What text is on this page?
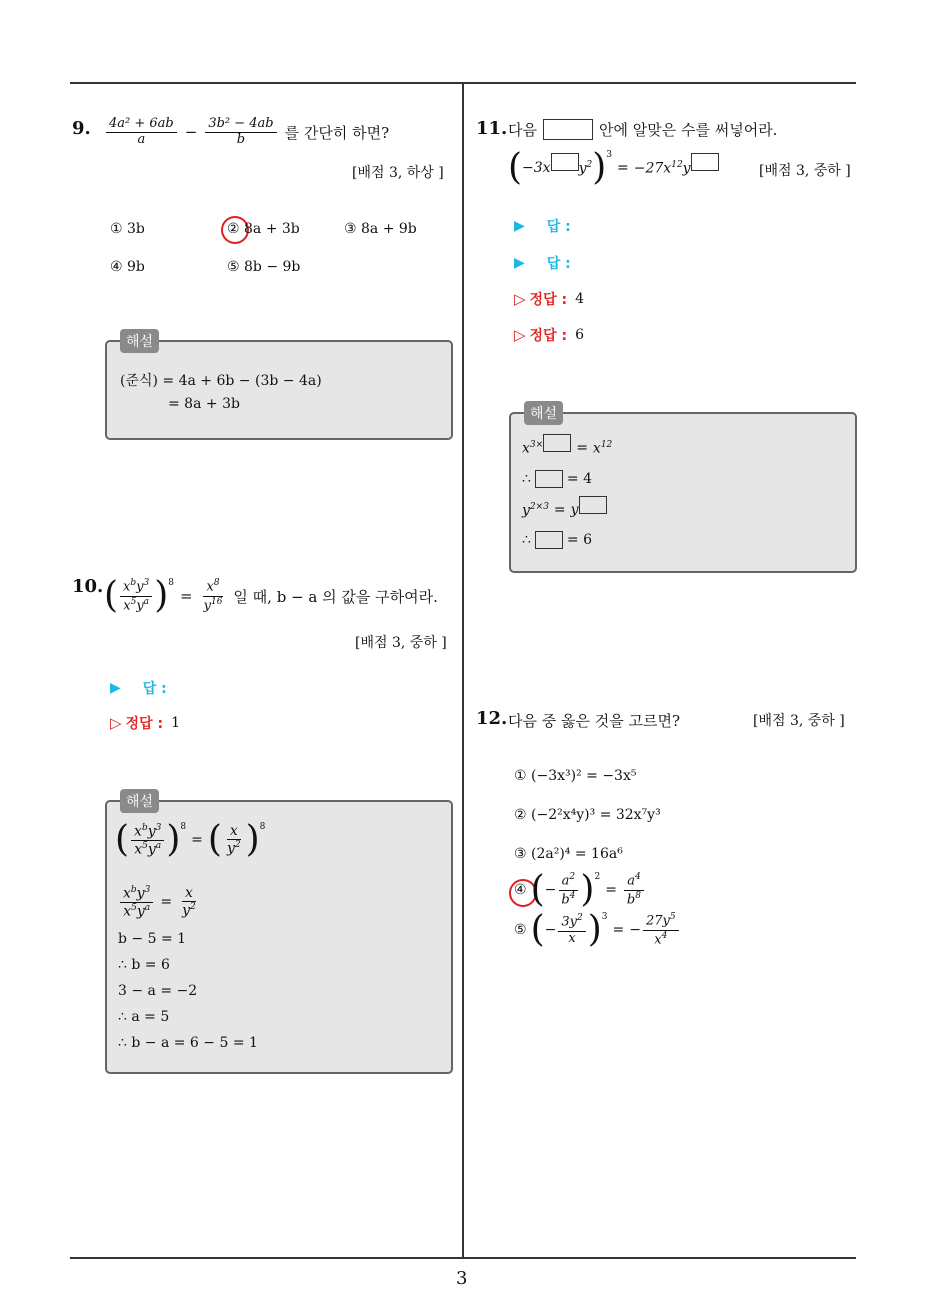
3
9. $\frac{\text{4a² + 6ab}}{a} - \frac{\text{3b² − 4ab}}{b}$ 를 간단히 하면?
[배점 3, 하상 ]
① 3b	② 8a + 3b	③ 8a + 9b
④ 9b	⑤ 8b − 9b
해설
(준식) = 4a + 6b − (3b − 4a)
= 8a + 3b
10. ( $\frac{x^by^3}{x^5y^a} )^8$
= $\frac{x^8}{y^{16}}$ 일 때, b − a 의 값을 구하여라.
[배점 3, 중하 ]
▶ 답 :
▷ 정답 : 1
해설
( $\frac{x^by^3}{x^5y^a} )^8$
= ( $\frac{x}{y^2} )^8$
$\frac{x^by^3}{x^5y^a} = \frac{x}{y^2}$
b − 5 = 1
∴ b = 6
3 − a = −2
∴ a = 5
∴ b − a = 6 − 5 = 1
11. 다음	안에 알맞은 수를 써넣어라.
( −3x $y^2$ )$^3$
= $-27x^{12}y$	[배점 3, 중하 ]
▶ 답 :
▶ 답 :
▷ 정답 : 4
▷ 정답 : 6
해설
$x^{3\times} = x^{12}$
∴	= 4
$y^{2\times 3} = y$
∴	= 6
12. 다음 중 옳은 것을 고르면?	[배점 3, 중하 ]
① (−3x³)² = −3x⁵
② (−2²x⁴y)³ = 32x⁷y³
③ (2a²)⁴ = 16a⁶
④ ( − $\frac{a^2}{b^4} )^2$
= $\frac{a^4}{b^8}$
⑤ ( − $\frac{3y^2}{x} )^3$
= − $\frac{27y^5}{x^4}$
